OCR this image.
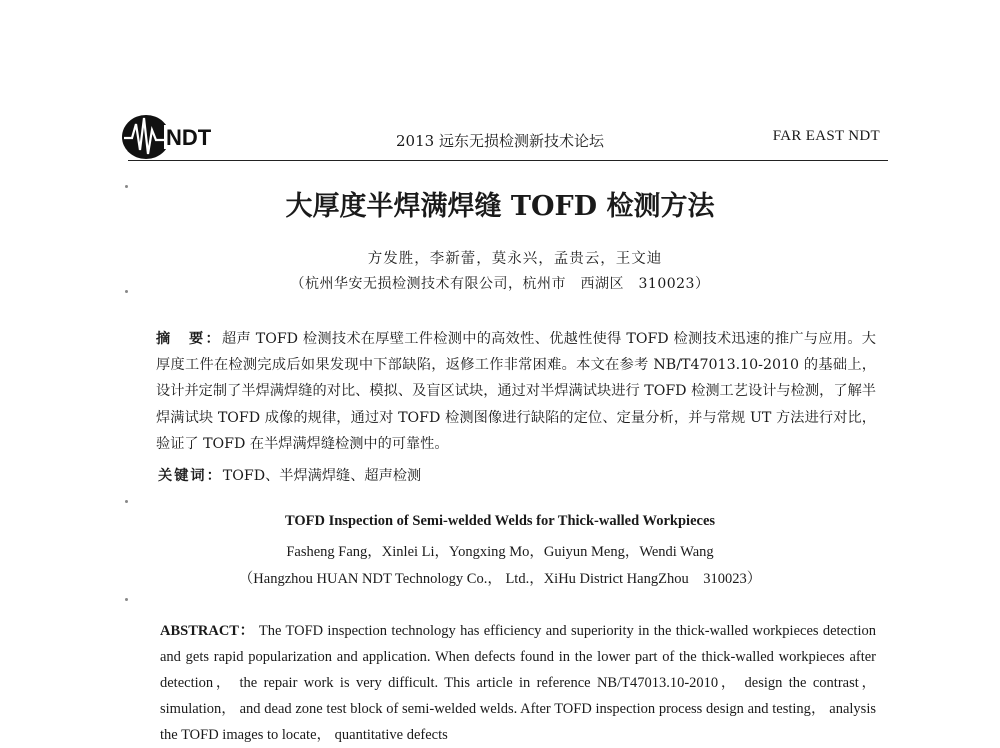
NDT	2013 远东无损检测新技术论坛	FAR EAST NDT
大厚度半焊满焊缝 TOFD 检测方法
方发胜，李新蕾，莫永兴，孟贵云，王文迪
（杭州华安无损检测技术有限公司，杭州市　西湖区　310023）
摘　要：超声 TOFD 检测技术在厚壁工件检测中的高效性、优越性使得 TOFD 检测技术迅速的推广与应用。大厚度工件在检测完成后如果发现中下部缺陷，返修工作非常困难。本文在参考 NB/T47013.10-2010 的基础上，设计并定制了半焊满焊缝的对比、模拟、及盲区试块，通过对半焊满试块进行 TOFD 检测工艺设计与检测，了解半焊满试块 TOFD 成像的规律，通过对 TOFD 检测图像进行缺陷的定位、定量分析，并与常规 UT 方法进行对比，验证了 TOFD 在半焊满焊缝检测中的可靠性。
关键词：TOFD、半焊满焊缝、超声检测
TOFD Inspection of Semi-welded Welds for Thick-walled Workpieces
Fasheng Fang，Xinlei Li，Yongxing Mo，Guiyun Meng，Wendi Wang
（Hangzhou HUAN NDT Technology Co.， Ltd.，XiHu District HangZhou　310023）
ABSTRACT： The TOFD inspection technology has efficiency and superiority in the thick-walled workpieces detection and gets rapid popularization and application. When defects found in the lower part of the thick-walled workpieces after detection， the repair work is very difficult. This article in reference NB/T47013.10-2010， design the contrast， simulation， and dead zone test block of semi-welded welds. After TOFD inspection process design and testing， analysis the TOFD images to locate， quantitative defects
